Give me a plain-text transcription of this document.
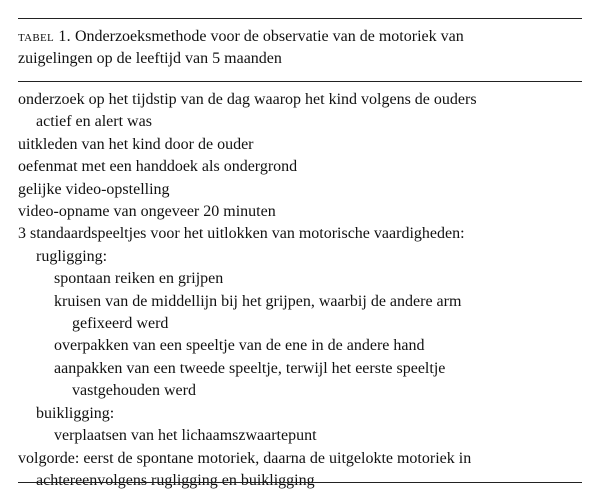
tabel 1. Onderzoeksmethode voor de observatie van de motoriek van
zuigelingen op de leeftijd van 5 maanden
onderzoek op het tijdstip van de dag waarop het kind volgens de ouders
actief en alert was
uitkleden van het kind door de ouder
oefenmat met een handdoek als ondergrond
gelijke video-opstelling
video-opname van ongeveer 20 minuten
3 standaardspeeltjes voor het uitlokken van motorische vaardigheden:
rugligging:
spontaan reiken en grijpen
kruisen van de middellijn bij het grijpen, waarbij de andere arm
gefixeerd werd
overpakken van een speeltje van de ene in de andere hand
aanpakken van een tweede speeltje, terwijl het eerste speeltje
vastgehouden werd
buikligging:
verplaatsen van het lichaamszwaartepunt
volgorde: eerst de spontane motoriek, daarna de uitgelokte motoriek in
achtereenvolgens rugligging en buikligging
